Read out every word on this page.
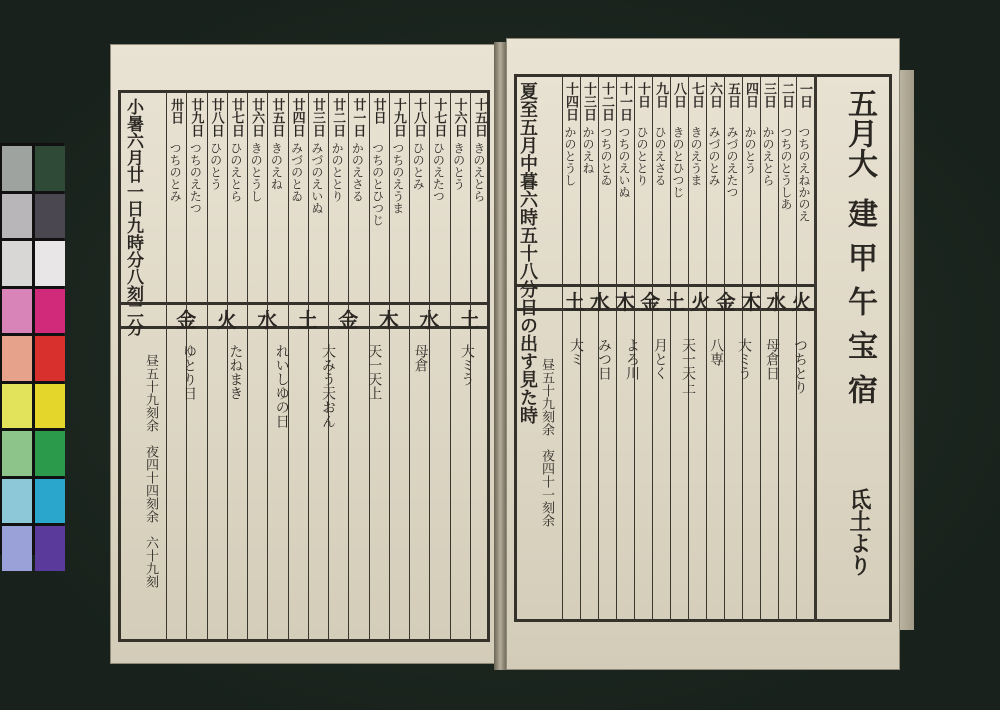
十五日
きのえとら
十六日
きのとう
十七日
ひのえたつ
十八日
ひのとみ
十九日
つちのえうま
廿日
つちのとひつじ
廿一日
かのえさる
廿二日
かのととり
廿三日
みづのえいぬ
廿四日
みづのとゐ
廿五日
きのえね
廿六日
きのとうし
廿七日
ひのえとら
廿八日
ひのとう
廿九日
つちのえたつ
卅日
つちのとみ
土
水
木
金
土
水
火
金
大ミう
母倉
天一天上
大みう天おん
れいしゆの日
たねまき
ゆとり日
小暑六月廿一日九時分八刻二分
昼五十九刻余　夜四十四刻余　六十九刻
五月大
建甲午宝宿
氐土より
一日
つちのえねかのえ
二日
つちのとうしあ
三日
かのえとら
四日
かのとう
五日
みづのえたつ
六日
みづのとみ
七日
きのえうま
八日
きのとひつじ
九日
ひのえさる
十日
ひのととり
十一日
つちのえいぬ
十二日
つちのとゐ
十三日
かのえね
十四日
かのとうし
火
水
木
金
火
土
金
木
水
土
つちとり
母倉日
大ミう
八専
天一天上
月とく
よろ川
みつ日
大ミ
夏至五月中暮六時五十八分日の出す見た時
昼五十九刻余　夜四十一刻余
